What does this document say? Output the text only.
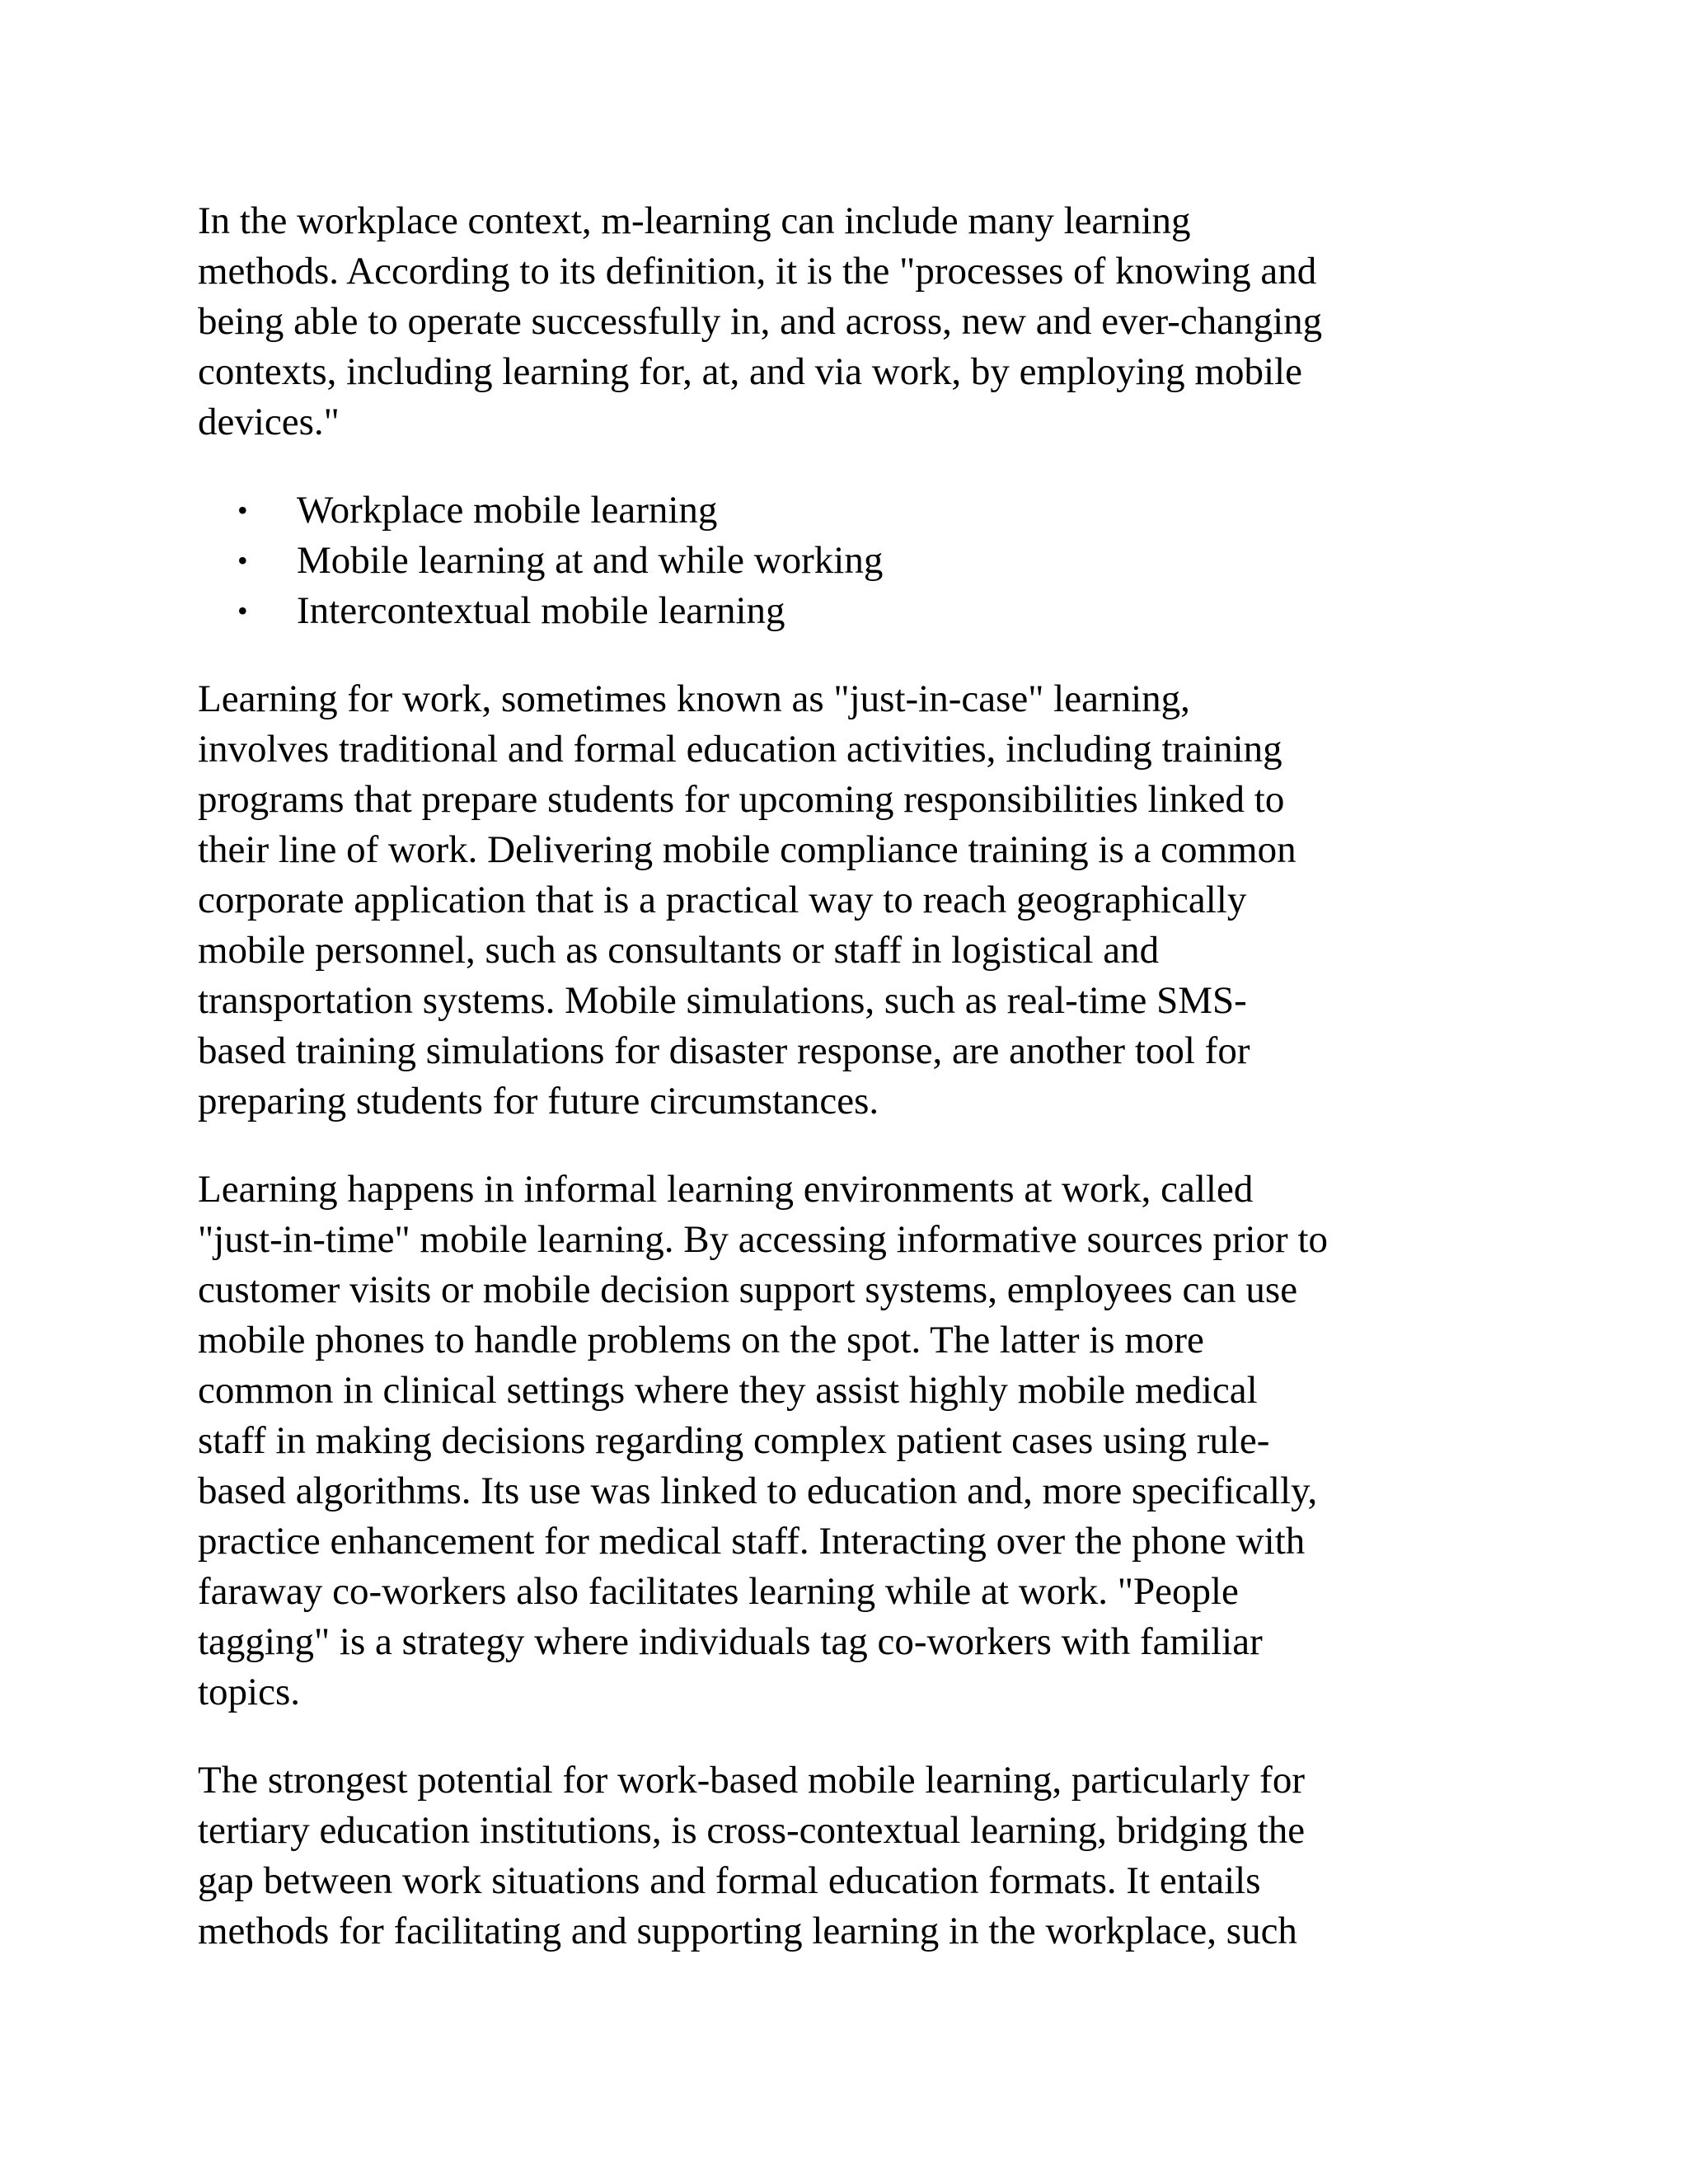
In the workplace context, m-learning can include many learning
methods. According to its definition, it is the "processes of knowing and
being able to operate successfully in, and across, new and ever-changing
contexts, including learning for, at, and via work, by employing mobile
devices."

• Workplace mobile learning
• Mobile learning at and while working
• Intercontextual mobile learning

Learning for work, sometimes known as "just-in-case" learning,
involves traditional and formal education activities, including training
programs that prepare students for upcoming responsibilities linked to
their line of work. Delivering mobile compliance training is a common
corporate application that is a practical way to reach geographically
mobile personnel, such as consultants or staff in logistical and
transportation systems. Mobile simulations, such as real-time SMS-
based training simulations for disaster response, are another tool for
preparing students for future circumstances.

Learning happens in informal learning environments at work, called
"just-in-time" mobile learning. By accessing informative sources prior to
customer visits or mobile decision support systems, employees can use
mobile phones to handle problems on the spot. The latter is more
common in clinical settings where they assist highly mobile medical
staff in making decisions regarding complex patient cases using rule-
based algorithms. Its use was linked to education and, more specifically,
practice enhancement for medical staff. Interacting over the phone with
faraway co-workers also facilitates learning while at work. "People
tagging" is a strategy where individuals tag co-workers with familiar
topics.

The strongest potential for work-based mobile learning, particularly for
tertiary education institutions, is cross-contextual learning, bridging the
gap between work situations and formal education formats. It entails
methods for facilitating and supporting learning in the workplace, such
